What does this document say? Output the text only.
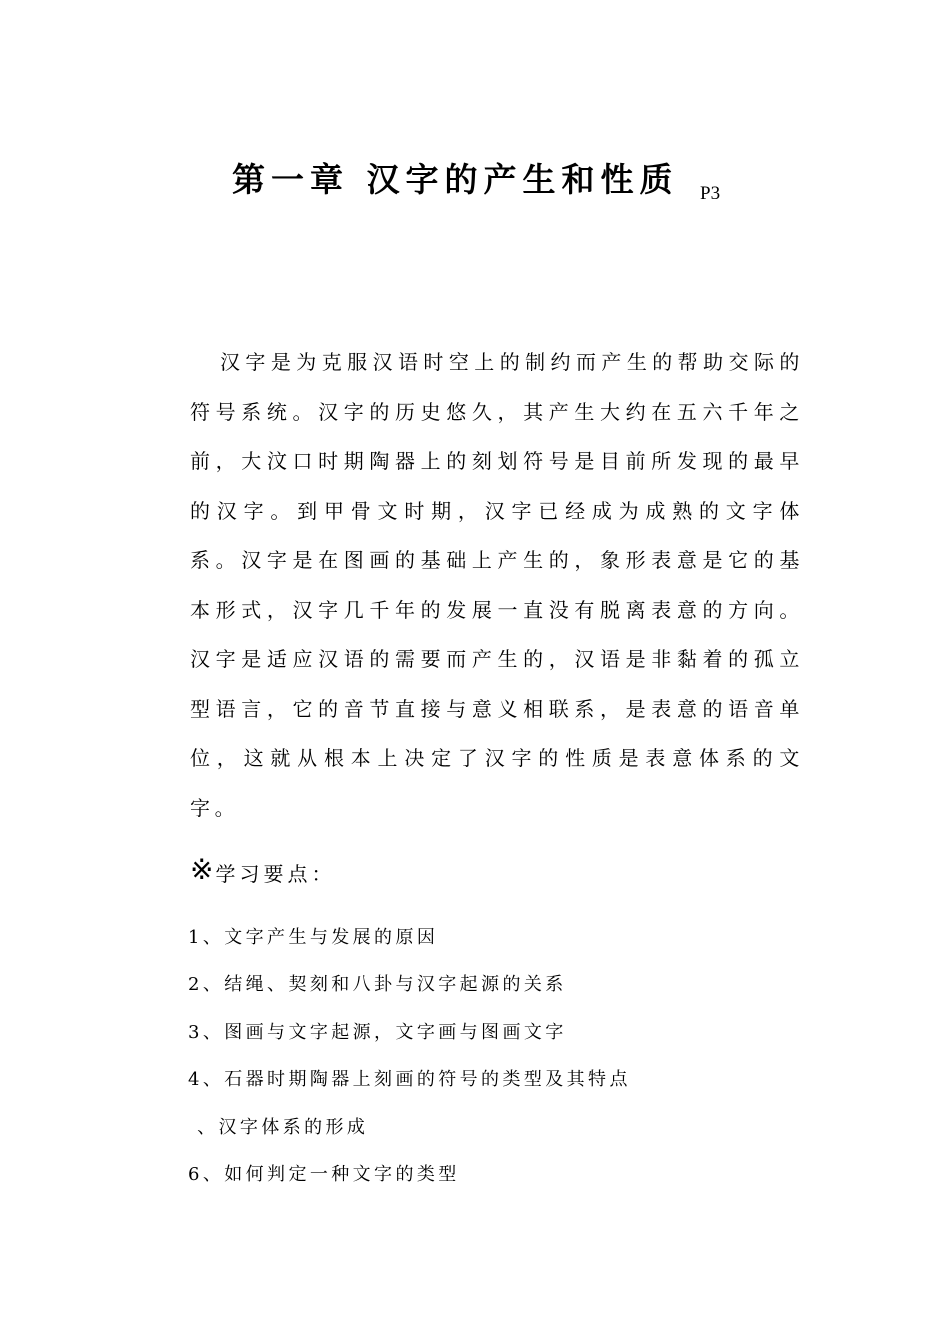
第一章 汉字的产生和性质 P3

汉字是为克服汉语时空上的制约而产生的帮助交际的符号系统。汉字的历史悠久，其产生大约在五六千年之前，大汶口时期陶器上的刻划符号是目前所发现的最早的汉字。到甲骨文时期，汉字已经成为成熟的文字体系。汉字是在图画的基础上产生的，象形表意是它的基本形式，汉字几千年的发展一直没有脱离表意的方向。汉字是适应汉语的需要而产生的，汉语是非黏着的孤立型语言，它的音节直接与意义相联系，是表意的语音单位，这就从根本上决定了汉字的性质是表意体系的文字。

※学习要点：
1、文字产生与发展的原因
2、结绳、契刻和八卦与汉字起源的关系
3、图画与文字起源，文字画与图画文字
4、石器时期陶器上刻画的符号的类型及其特点
、汉字体系的形成
6、如何判定一种文字的类型
